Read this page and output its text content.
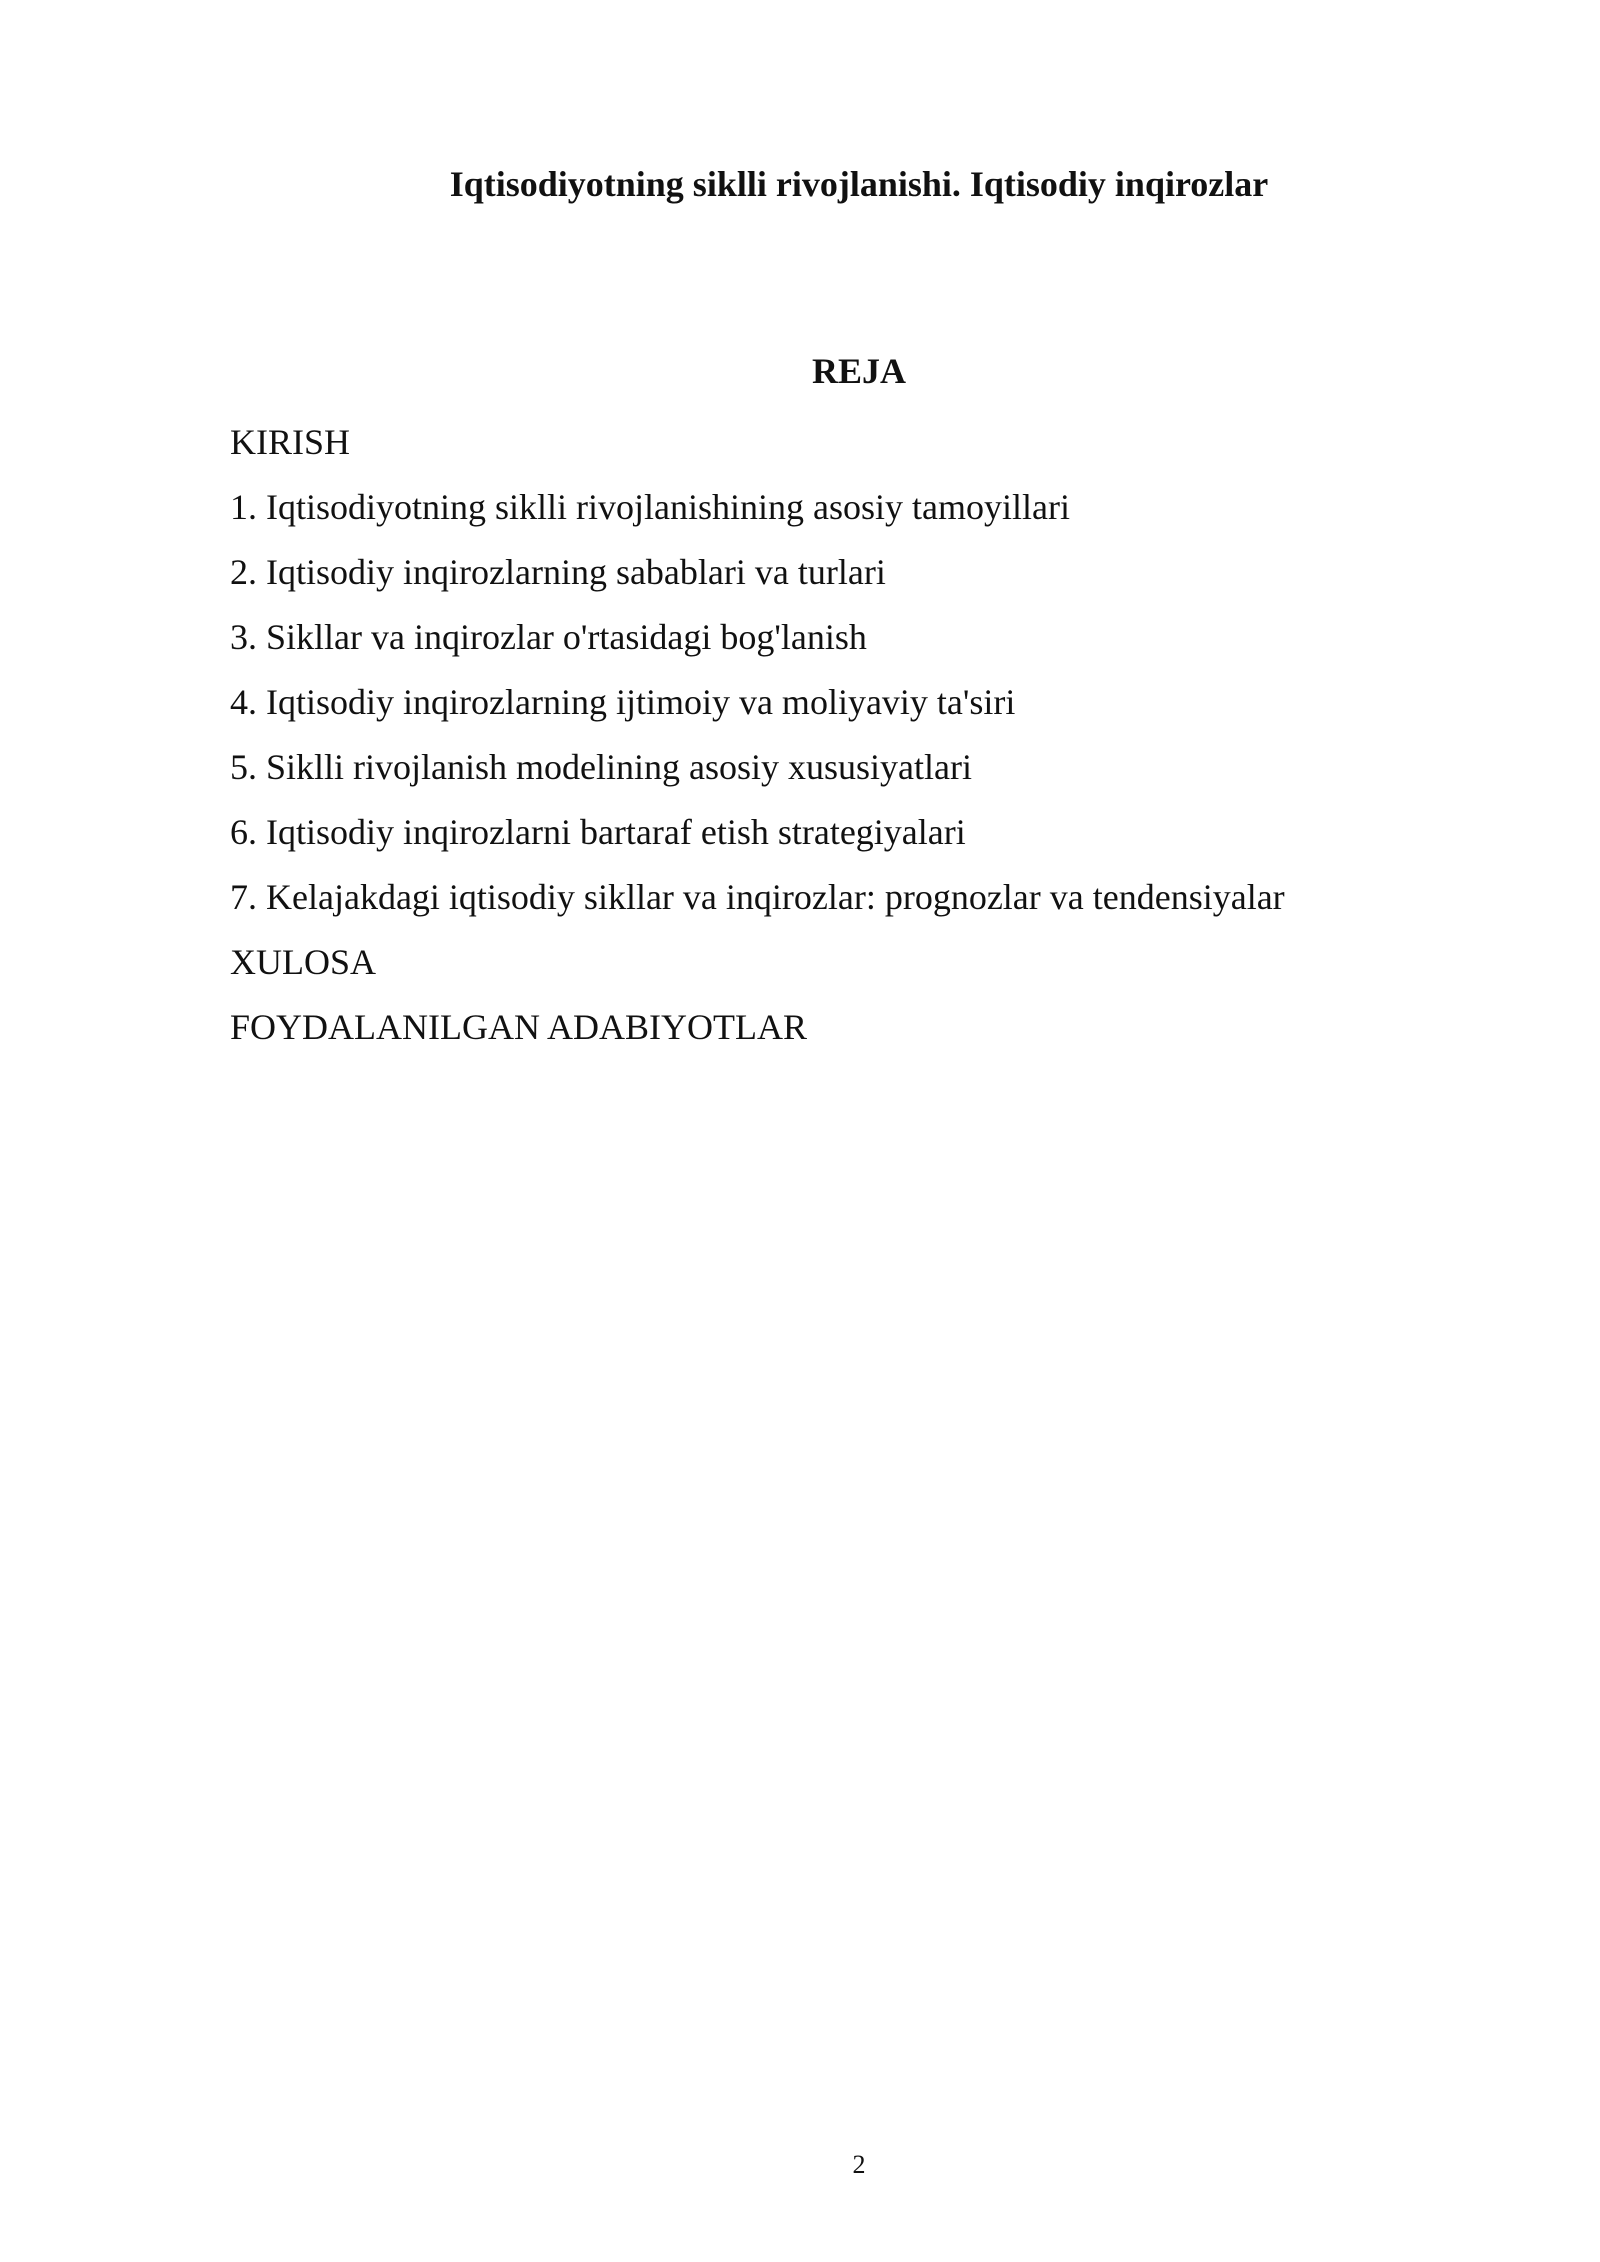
Iqtisodiyotning siklli rivojlanishi. Iqtisodiy inqirozlar
REJA
KIRISH
1. Iqtisodiyotning siklli rivojlanishining asosiy tamoyillari
2. Iqtisodiy inqirozlarning sabablari va turlari
3. Sikllar va inqirozlar o'rtasidagi bog'lanish
4. Iqtisodiy inqirozlarning ijtimoiy va moliyaviy ta'siri
5. Siklli rivojlanish modelining asosiy xususiyatlari
6. Iqtisodiy inqirozlarni bartaraf etish strategiyalari
7. Kelajakdagi iqtisodiy sikllar va inqirozlar: prognozlar va tendensiyalar
XULOSA
FOYDALANILGAN ADABIYOTLAR
2
